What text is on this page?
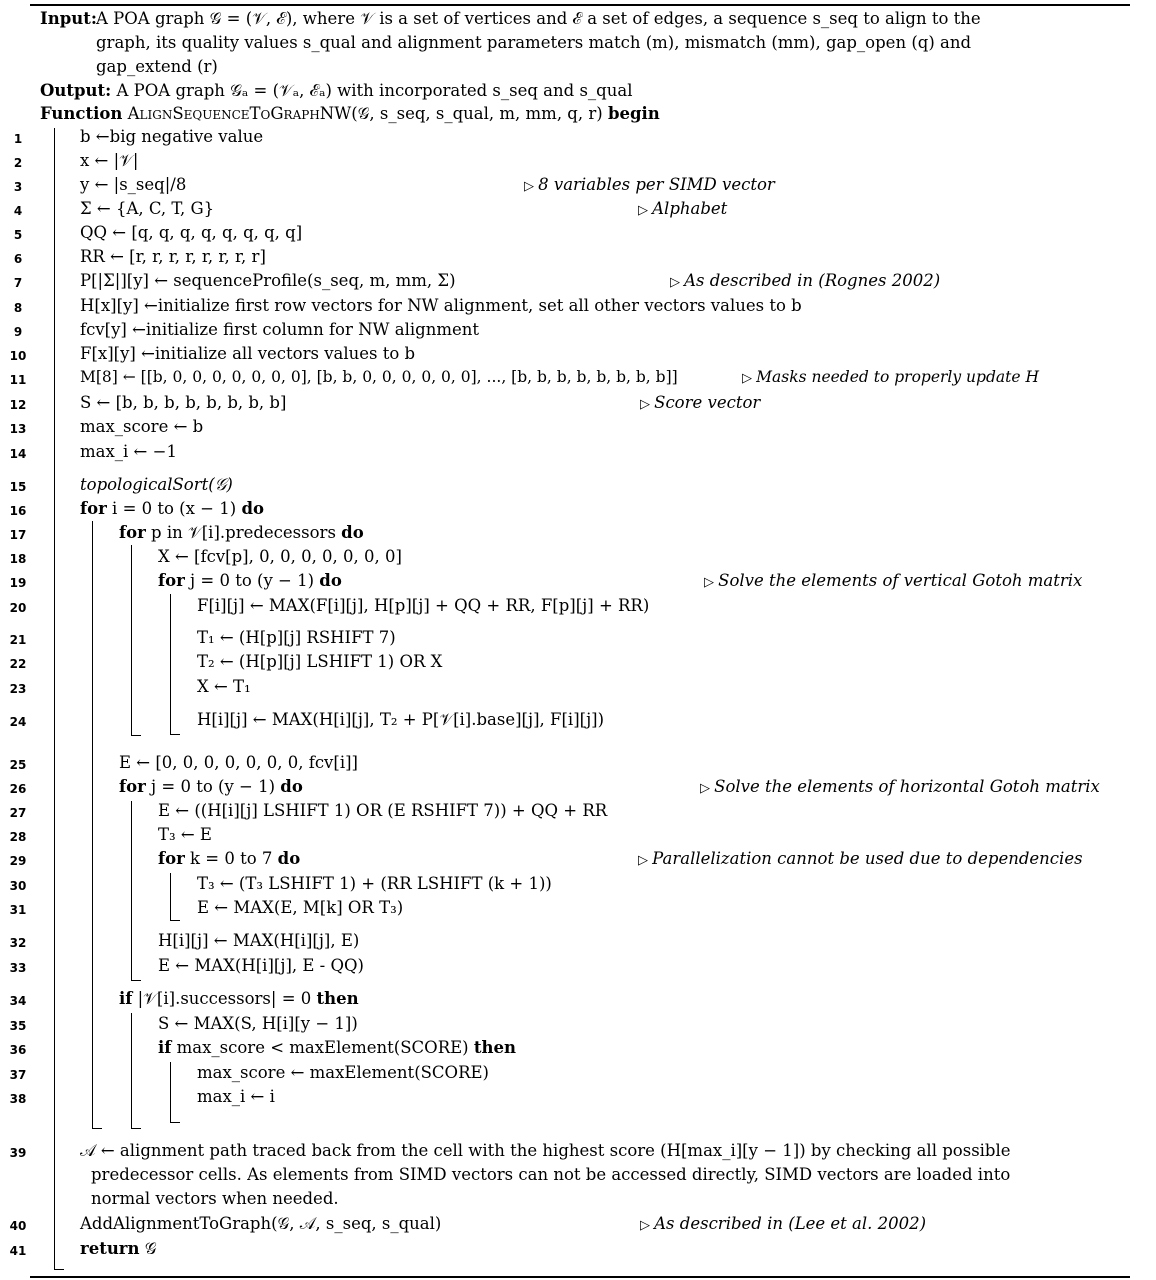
Input: A POA graph 𝒢 = (𝒱, ℰ), where 𝒱 is a set of vertices and ℰ a set of edges, a sequence s_seq to align to the
graph, its quality values s_qual and alignment parameters match (m), mismatch (mm), gap_open (q) and
gap_extend (r)
Output: A POA graph 𝒢ₐ = (𝒱ₐ, ℰₐ) with incorporated s_seq and s_qual
Function AlignSequenceToGraphNW(𝒢, s_seq, s_qual, m, mm, q, r) begin
1	b ←big negative value
2	x ← |𝒱|
3	y ← |s_seq|/8	▷ 8 variables per SIMD vector
4	Σ ← {A, C, T, G}	▷ Alphabet
5	QQ ← [q, q, q, q, q, q, q, q]
6	RR ← [r, r, r, r, r, r, r, r]
7	P[|Σ|][y] ← sequenceProfile(s_seq, m, mm, Σ)	▷ As described in (Rognes 2002)
8	H[x][y] ←initialize first row vectors for NW alignment, set all other vectors values to b
9	fcv[y] ←initialize first column for NW alignment
10	F[x][y] ←initialize all vectors values to b
11	M[8] ← [[b, 0, 0, 0, 0, 0, 0, 0], [b, b, 0, 0, 0, 0, 0, 0], ..., [b, b, b, b, b, b, b, b]]	▷ Masks needed to properly update H
12	S ← [b, b, b, b, b, b, b, b]	▷ Score vector
13	max_score ← b
14	max_i ← −1
15	topologicalSort(𝒢)
16	for i = 0 to (x − 1) do
17	for p in 𝒱[i].predecessors do
18	X ← [fcv[p], 0, 0, 0, 0, 0, 0, 0]
19	for j = 0 to (y − 1) do	▷ Solve the elements of vertical Gotoh matrix
20	F[i][j] ← MAX(F[i][j], H[p][j] + QQ + RR, F[p][j] + RR)
21	T₁ ← (H[p][j] RSHIFT 7)
22	T₂ ← (H[p][j] LSHIFT 1) OR X
23	X ← T₁
24	H[i][j] ← MAX(H[i][j], T₂ + P[𝒱[i].base][j], F[i][j])
25	E ← [0, 0, 0, 0, 0, 0, 0, fcv[i]]
26	for j = 0 to (y − 1) do	▷ Solve the elements of horizontal Gotoh matrix
27	E ← ((H[i][j] LSHIFT 1) OR (E RSHIFT 7)) + QQ + RR
28	T₃ ← E
29	for k = 0 to 7 do	▷ Parallelization cannot be used due to dependencies
30	T₃ ← (T₃ LSHIFT 1) + (RR LSHIFT (k + 1))
31	E ← MAX(E, M[k] OR T₃)
32	H[i][j] ← MAX(H[i][j], E)
33	E ← MAX(H[i][j], E - QQ)
34	if |𝒱[i].successors| = 0 then
35	S ← MAX(S, H[i][y − 1])
36	if max_score < maxElement(SCORE) then
37	max_score ← maxElement(SCORE)
38	max_i ← i
39	𝒜 ← alignment path traced back from the cell with the highest score (H[max_i][y − 1]) by checking all possible
predecessor cells. As elements from SIMD vectors can not be accessed directly, SIMD vectors are loaded into
normal vectors when needed.
40	AddAlignmentToGraph(𝒢, 𝒜, s_seq, s_qual)	▷ As described in (Lee et al. 2002)
41	return 𝒢
